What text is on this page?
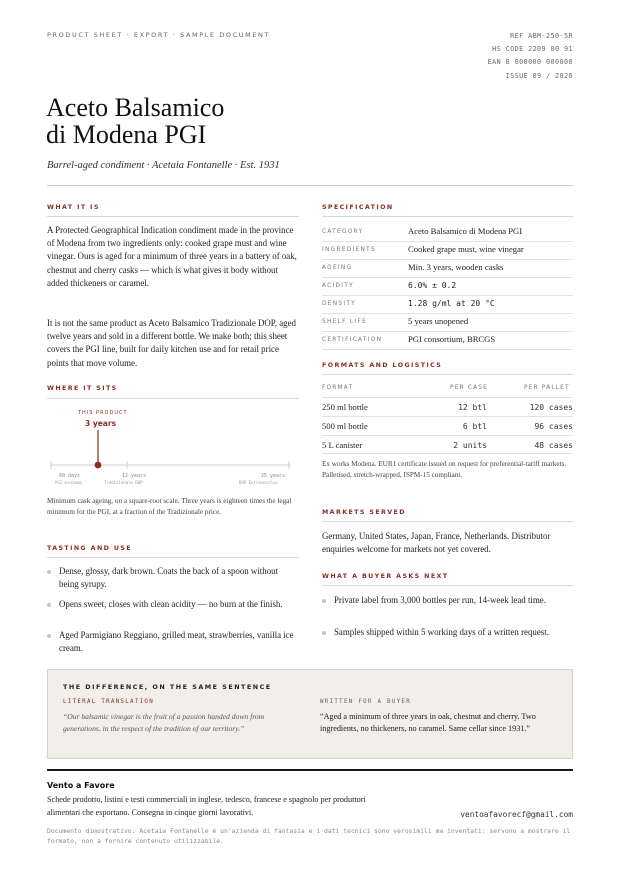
PRODUCT SHEET · EXPORT · SAMPLE DOCUMENT	REF ABM-250-5R
HS CODE 2209 00 91
EAN 8 000000 000000
ISSUE 09 / 2026
Aceto Balsamico
di Modena PGI
Barrel-aged condiment · Acetaia Fontanelle · Est. 1931
WHAT IT IS

A Protected Geographical Indication condiment made in the province of Modena from two ingredients only: cooked grape must and wine vinegar. Ours is aged for a minimum of three years in a battery of oak, chestnut and cherry casks — which is what gives it body without added thickeners or caramel.

It is not the same product as Aceto Balsamico Tradizionale DOP, aged twelve years and sold in a different bottle. We make both; this sheet covers the PGI line, built for daily kitchen use and for retail price points that move volume.

WHERE IT SITS
THIS PRODUCT
3 years
60 days
PGI minimum
12 years
Tradizionale DOP
25 years
DOP Extravecchio

Minimum cask ageing, on a square-root scale. Three years is eighteen times the legal minimum for the PGI, at a fraction of the Tradizionale price.

TASTING AND USE
Dense, glossy, dark brown. Coats the back of a spoon without being syrupy.
Opens sweet, closes with clean acidity — no burn at the finish.
Aged Parmigiano Reggiano, grilled meat, strawberries, vanilla ice cream.
SPECIFICATION
CATEGORY	Aceto Balsamico di Modena PGI
INGREDIENTS	Cooked grape must, wine vinegar
AGEING	Min. 3 years, wooden casks
ACIDITY	6.0% ± 0.2
DENSITY	1.28 g/ml at 20 °C
SHELF LIFE	5 years unopened
CERTIFICATION	PGI consortium, BRCGS
FORMATS AND LOGISTICS
FORMAT	PER CASE	PER PALLET
250 ml bottle	12 btl	120 cases
500 ml bottle	6 btl	96 cases
5 L canister	2 units	48 cases

Ex works Modena. EUR1 certificate issued on request for preferential-tariff markets. Palletised, stretch-wrapped, ISPM-15 compliant.

MARKETS SERVED

Germany, United States, Japan, France, Netherlands. Distributor enquiries welcome for markets not yet covered.

WHAT A BUYER ASKS NEXT
Private label from 3,000 bottles per run, 14-week lead time.
Samples shipped within 5 working days of a written request.
THE DIFFERENCE, ON THE SAME SENTENCE
LITERAL TRANSLATION

“Our balsamic vinegar is the fruit of a passion handed down from generations, in the respect of the tradition of our territory.”

WRITTEN FOR A BUYER

“Aged a minimum of three years in oak, chestnut and cherry. Two ingredients, no thickeners, no caramel. Same cellar since 1931.”

Vento a Favore

Schede prodotto, listini e testi commerciali in inglese, tedesco, francese e spagnolo per produttori alimentari che esportano. Consegna in cinque giorni lavorativi.	ventoafavorecf@gmail.com

Documento dimostrativo. Acetaia Fontanelle è un'azienda di fantasia e i dati tecnici sono verosimili ma inventati: servono a mostrare il formato, non a fornire contenuto utilizzabile.
